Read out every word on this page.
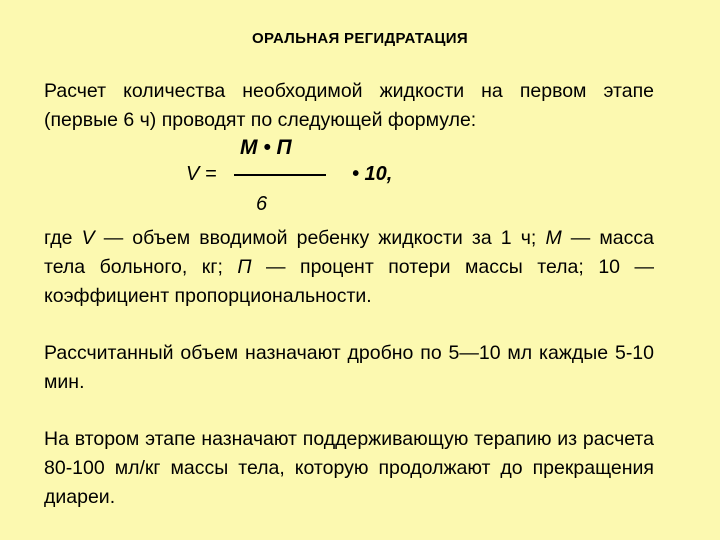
ОРАЛЬНАЯ РЕГИДРАТАЦИЯ
Расчет количества необходимой жидкости на первом этапе (первые 6 ч) проводят по следующей формуле:
М • П
V =	• 10,
6
где V — объем вводимой ребенку жидкости за 1 ч; М — масса тела больного, кг; П — процент потери массы тела; 10 — коэффициент пропорциональности.
Рассчитанный объем назначают дробно по 5—10 мл каждые 5-10 мин.
На втором этапе назначают поддерживающую терапию из расчета 80-100 мл/кг массы тела, которую продолжают до прекращения диареи.
